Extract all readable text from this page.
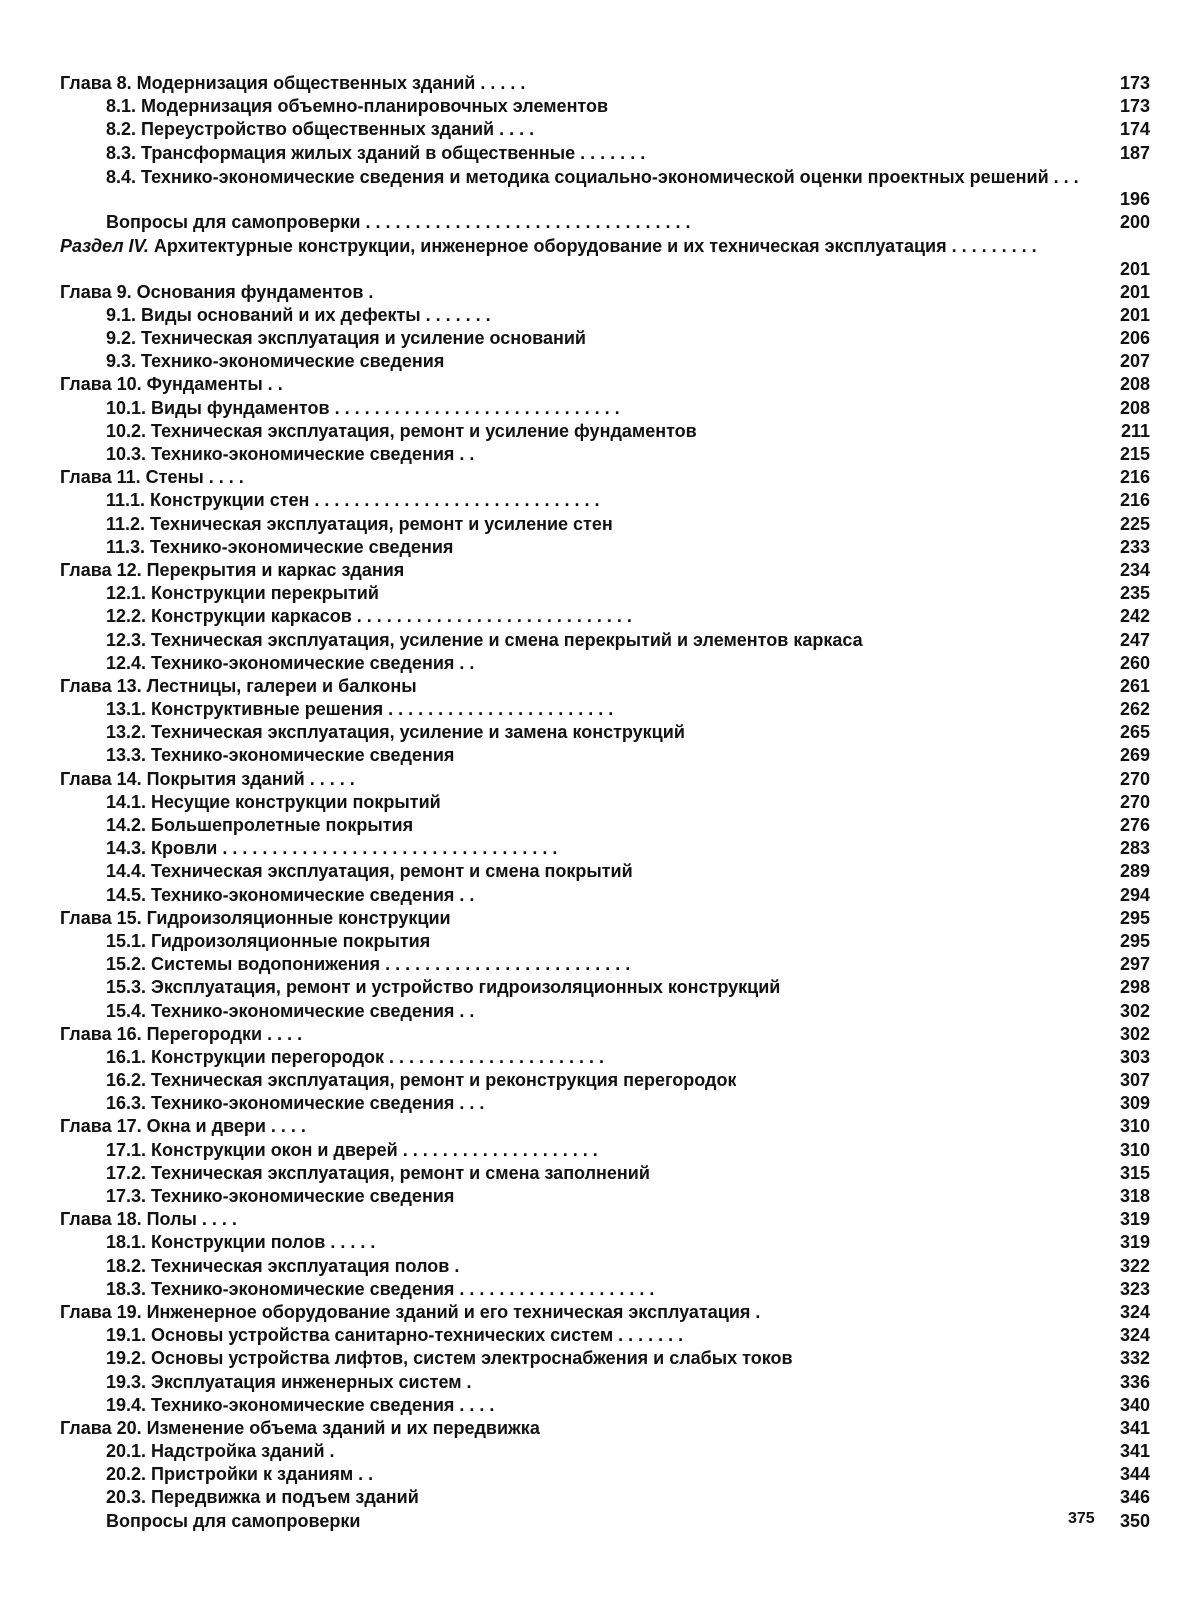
Глава 8. Модернизация общественных зданий . . . . .	173
8.1. Модернизация объемно-планировочных элементов	173
8.2. Переустройство общественных зданий . . . .	174
8.3. Трансформация жилых зданий в общественные . . . . . . .	187
8.4. Технико-экономические сведения и методика социально-экономической оценки проектных решений . . .
196
Вопросы для самопроверки . . . . . . . . . . . . . . . . . . . . . . . . . . . . . . . . .	200
Раздел IV. Архитектурные конструкции, инженерное оборудование и их техническая эксплуатация . . . . . . . . .
201
Глава 9. Основания фундаментов .	201
9.1. Виды оснований и их дефекты . . . . . . .	201
9.2. Техническая эксплуатация и усиление оснований	206
9.3. Технико-экономические сведения	207
Глава 10. Фундаменты . .	208
10.1. Виды фундаментов . . . . . . . . . . . . . . . . . . . . . . . . . . . . .	208
10.2. Техническая эксплуатация, ремонт и усиление фундаментов	211
10.3. Технико-экономические сведения . .	215
Глава 11. Стены . . . .	216
11.1. Конструкции стен . . . . . . . . . . . . . . . . . . . . . . . . . . . . .	216
11.2. Техническая эксплуатация, ремонт и усиление стен	225
11.3. Технико-экономические сведения	233
Глава 12. Перекрытия и каркас здания	234
12.1. Конструкции перекрытий	235
12.2. Конструкции каркасов . . . . . . . . . . . . . . . . . . . . . . . . . . . .	242
12.3. Техническая эксплуатация, усиление и смена перекрытий и элементов каркаса	247
12.4. Технико-экономические сведения . .	260
Глава 13. Лестницы, галереи и балконы	261
13.1. Конструктивные решения . . . . . . . . . . . . . . . . . . . . . . .	262
13.2. Техническая эксплуатация, усиление и замена конструкций	265
13.3. Технико-экономические сведения	269
Глава 14. Покрытия зданий . . . . .	270
14.1. Несущие конструкции покрытий	270
14.2. Большепролетные покрытия	276
14.3. Кровли . . . . . . . . . . . . . . . . . . . . . . . . . . . . . . . . . .	283
14.4. Техническая эксплуатация, ремонт и смена покрытий	289
14.5. Технико-экономические сведения . .	294
Глава 15. Гидроизоляционные конструкции	295
15.1. Гидроизоляционные покрытия	295
15.2. Системы водопонижения . . . . . . . . . . . . . . . . . . . . . . . . .	297
15.3. Эксплуатация, ремонт и устройство гидроизоляционных конструкций	298
15.4. Технико-экономические сведения . .	302
Глава 16. Перегородки . . . .	302
16.1. Конструкции перегородок . . . . . . . . . . . . . . . . . . . . . .	303
16.2. Техническая эксплуатация, ремонт и реконструкция перегородок	307
16.3. Технико-экономические сведения . . .	309
Глава 17. Окна и двери . . . .	310
17.1. Конструкции окон и дверей . . . . . . . . . . . . . . . . . . . .	310
17.2. Техническая эксплуатация, ремонт и смена заполнений	315
17.3. Технико-экономические сведения	318
Глава 18. Полы . . . .	319
18.1. Конструкции полов . . . . .	319
18.2. Техническая эксплуатация полов .	322
18.3. Технико-экономические сведения . . . . . . . . . . . . . . . . . . . .	323
Глава 19. Инженерное оборудование зданий и его техническая эксплуатация .	324
19.1. Основы устройства санитарно-технических систем . . . . . . .	324
19.2. Основы устройства лифтов, систем электроснабжения и слабых токов	332
19.3. Эксплуатация инженерных систем .	336
19.4. Технико-экономические сведения . . . .	340
Глава 20. Изменение объема зданий и их передвижка	341
20.1. Надстройка зданий .	341
20.2. Пристройки к зданиям . .	344
20.3. Передвижка и подъем зданий	346
Вопросы для самопроверки	350
375
